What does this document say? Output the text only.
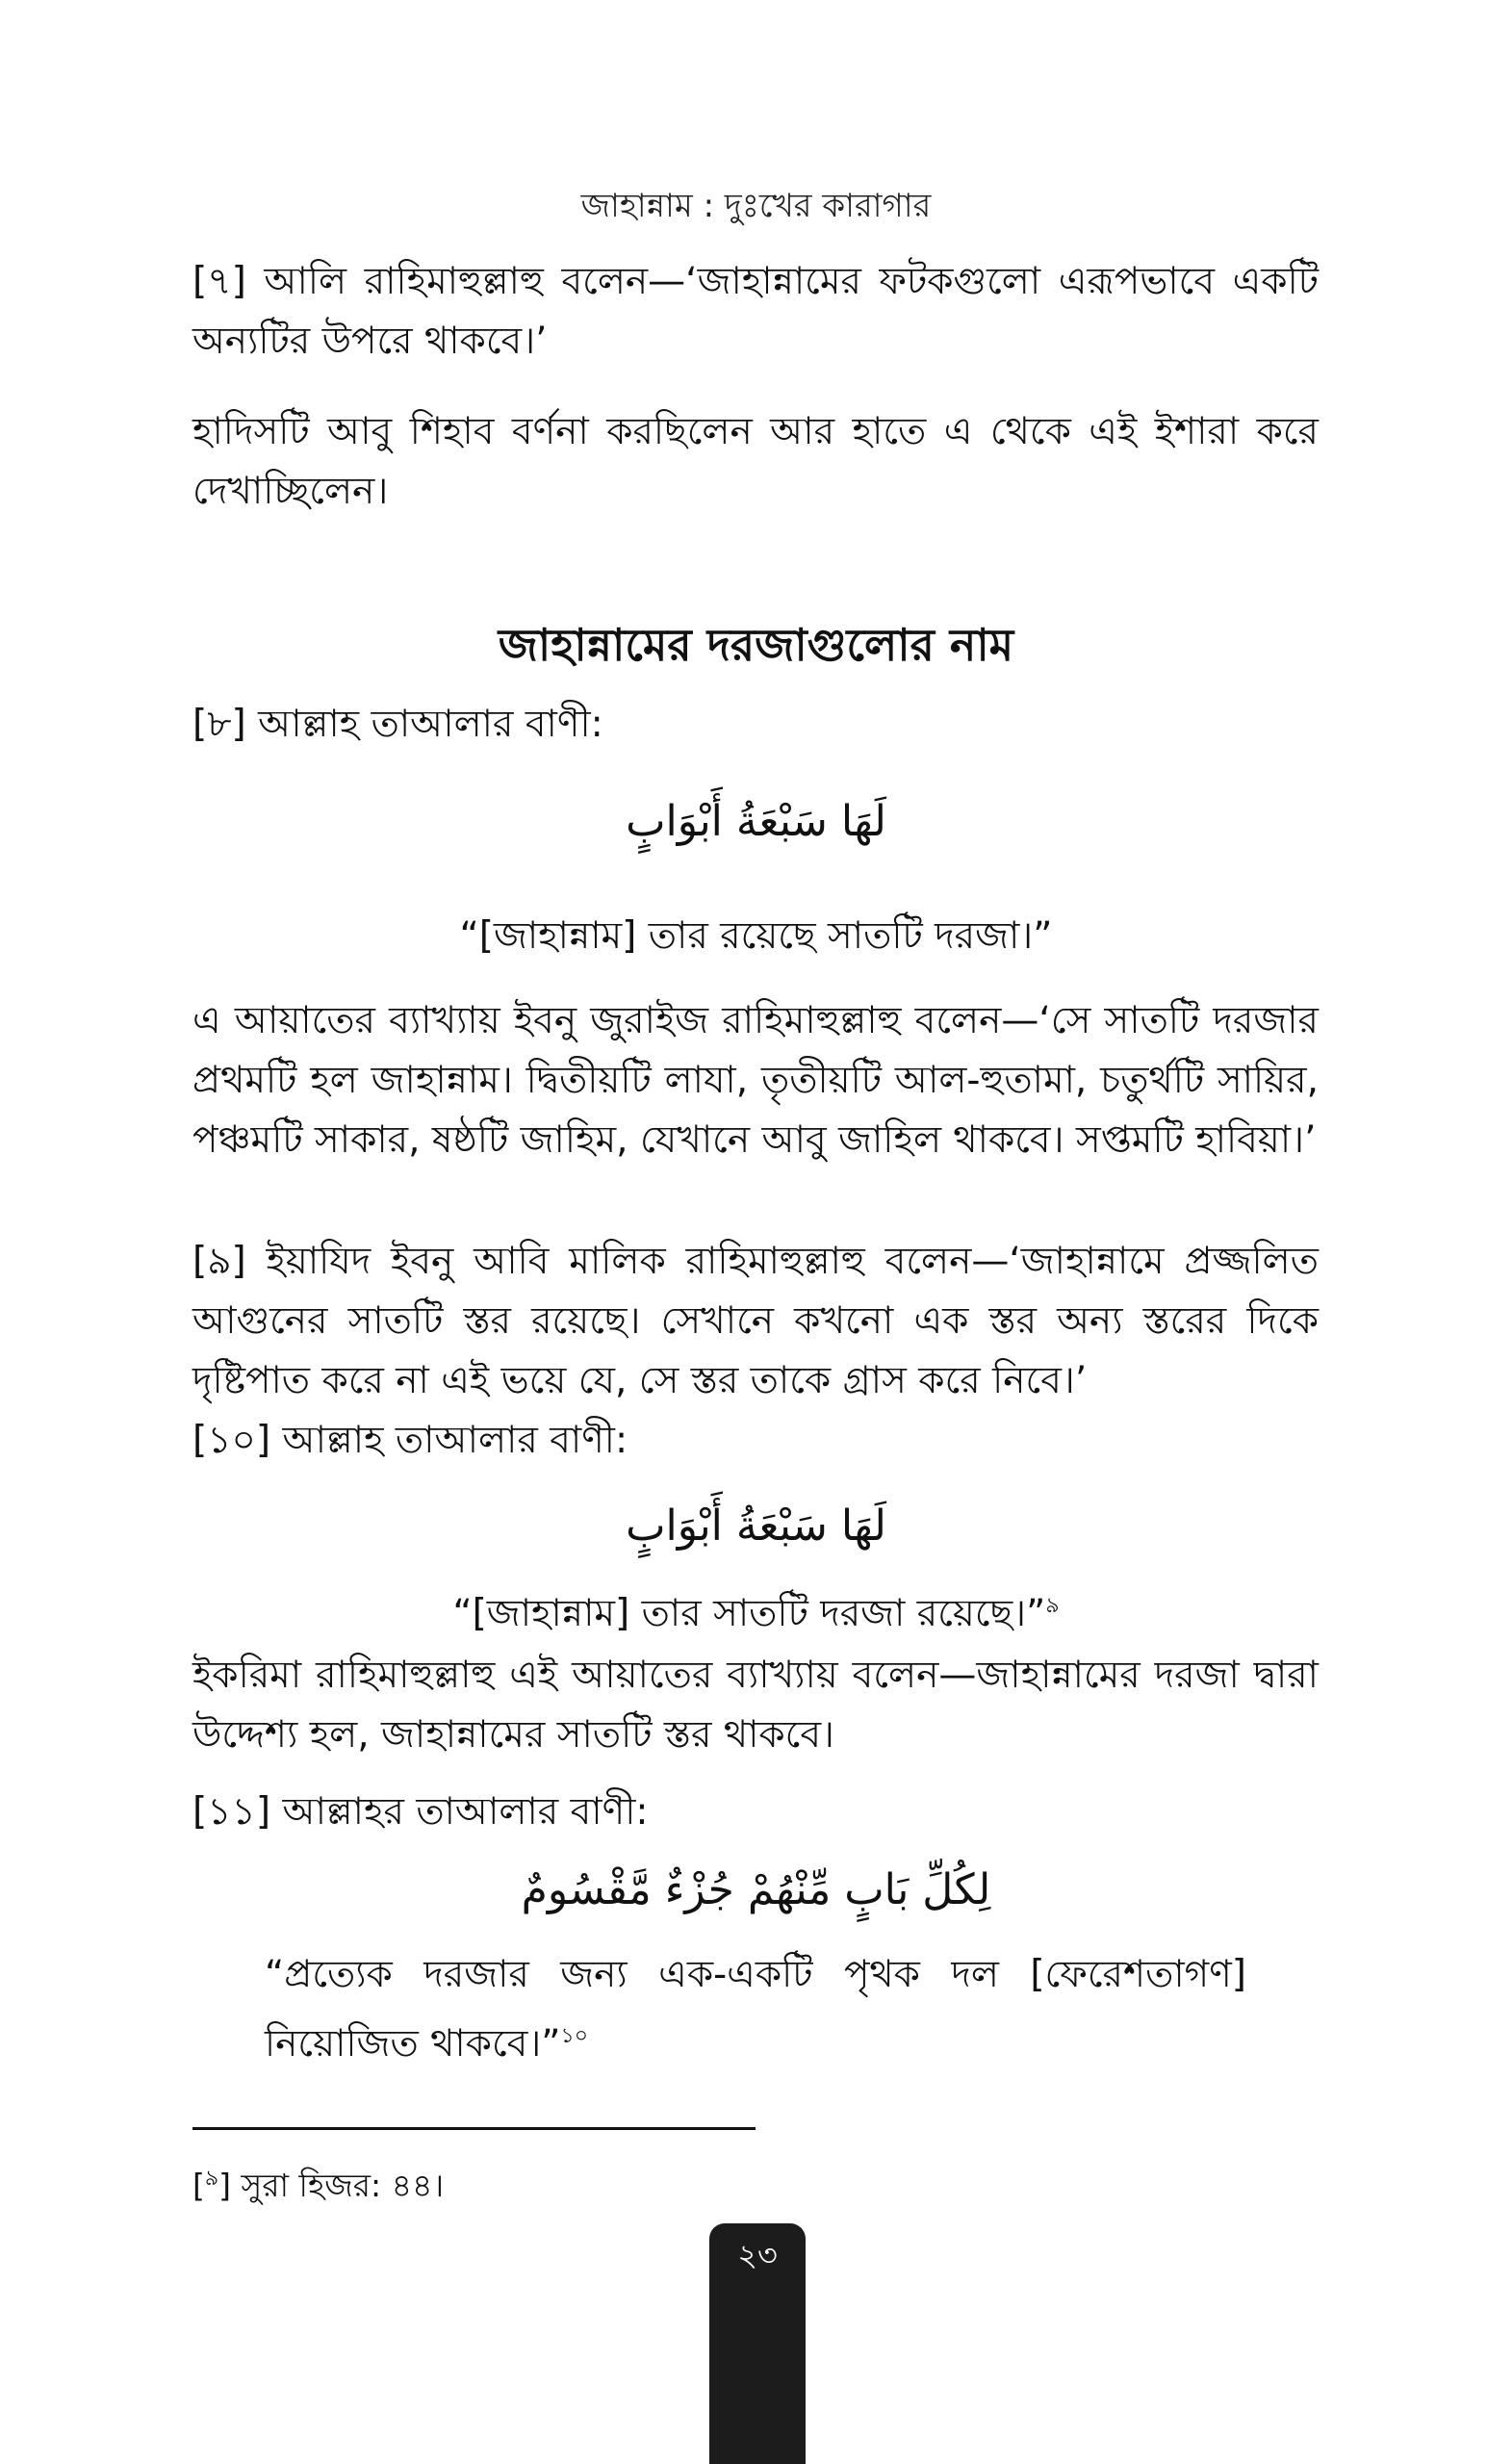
জাহান্নাম : দুঃখের কারাগার

[৭] আলি রাহিমাহুল্লাহু বলেন—‘জাহান্নামের ফটকগুলো এরূপভাবে একটি অন্যটির উপরে থাকবে।’

হাদিসটি আবু শিহাব বর্ণনা করছিলেন আর হাতে এ থেকে এই ইশারা করে দেখাচ্ছিলেন।

জাহান্নামের দরজাগুলোর নাম

[৮] আল্লাহ তাআলার বাণী:

لَهَا سَبْعَةُ أَبْوَابٍ

“[জাহান্নাম] তার রয়েছে সাতটি দরজা।”

এ আয়াতের ব্যাখ্যায় ইবনু জুরাইজ রাহিমাহুল্লাহু বলেন—‘সে সাতটি দরজার প্রথমটি হল জাহান্নাম। দ্বিতীয়টি লাযা, তৃতীয়টি আল-হুতামা, চতুর্থটি সায়ির, পঞ্চমটি সাকার, ষষ্ঠটি জাহিম, যেখানে আবু জাহিল থাকবে। সপ্তমটি হাবিয়া।’

[৯] ইয়াযিদ ইবনু আবি মালিক রাহিমাহুল্লাহু বলেন—‘জাহান্নামে প্রজ্জলিত আগুনের সাতটি স্তর রয়েছে। সেখানে কখনো এক স্তর অন্য স্তরের দিকে দৃষ্টিপাত করে না এই ভয়ে যে, সে স্তর তাকে গ্রাস করে নিবে।’

[১০] আল্লাহ তাআলার বাণী:

لَهَا سَبْعَةُ أَبْوَابٍ

“[জাহান্নাম] তার সাতটি দরজা রয়েছে।”$^৯$

ইকরিমা রাহিমাহুল্লাহু এই আয়াতের ব্যাখ্যায় বলেন—জাহান্নামের দরজা দ্বারা উদ্দেশ্য হল, জাহান্নামের সাতটি স্তর থাকবে।

[১১] আল্লাহর তাআলার বাণী:

لِكُلِّ بَابٍ مِّنْهُمْ جُزْءٌ مَّقْسُومٌ

“প্রত্যেক দরজার জন্য এক-একটি পৃথক দল [ফেরেশতাগণ] নিয়োজিত থাকবে।”$^{১০}$

[$^৯$] সুরা হিজর: ৪৪।

২৩
